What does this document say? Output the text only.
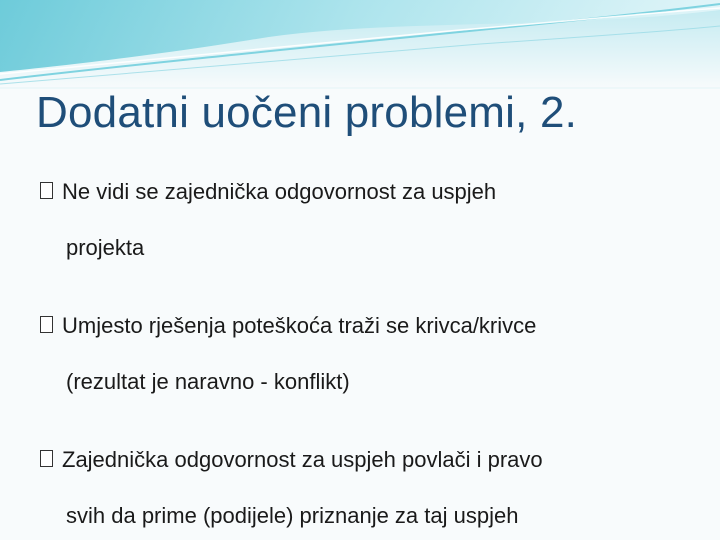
Dodatni uočeni problemi, 2.
Ne vidi se zajednička odgovornost za uspjeh
projekta
Umjesto rješenja poteškoća traži se krivca/krivce
(rezultat je naravno - konflikt)
Zajednička odgovornost za uspjeh povlači i pravo
svih da prime (podijele) priznanje za taj uspjeh
